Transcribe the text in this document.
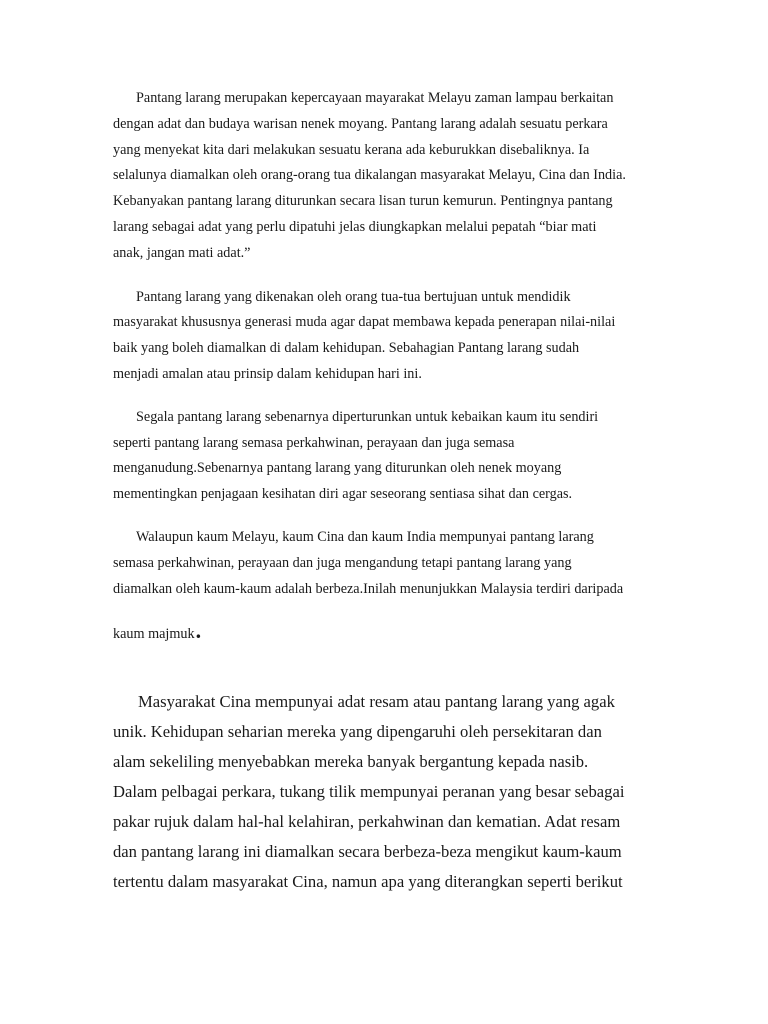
Pantang larang merupakan kepercayaan mayarakat Melayu zaman lampau berkaitan
dengan adat dan budaya warisan nenek moyang. Pantang larang adalah sesuatu perkara
yang menyekat kita dari melakukan sesuatu kerana ada keburukkan disebaliknya. Ia
selalunya diamalkan oleh orang-orang tua dikalangan masyarakat Melayu, Cina dan India.
Kebanyakan pantang larang diturunkan secara lisan turun kemurun. Pentingnya pantang
larang sebagai adat yang perlu dipatuhi jelas diungkapkan melalui pepatah “biar mati
anak, jangan mati adat.”

Pantang larang yang dikenakan oleh orang tua-tua bertujuan untuk mendidik
masyarakat khususnya generasi muda agar dapat membawa kepada penerapan nilai-nilai
baik yang boleh diamalkan di dalam kehidupan. Sebahagian Pantang larang sudah
menjadi amalan atau prinsip dalam kehidupan hari ini.

Segala pantang larang sebenarnya diperturunkan untuk kebaikan kaum itu sendiri
seperti pantang larang semasa perkahwinan, perayaan dan juga semasa
menganudung.Sebenarnya pantang larang yang diturunkan oleh nenek moyang
mementingkan penjagaan kesihatan diri agar seseorang sentiasa sihat dan cergas.

Walaupun kaum Melayu, kaum Cina dan kaum India mempunyai pantang larang
semasa perkahwinan, perayaan dan juga mengandung tetapi pantang larang yang
diamalkan oleh kaum-kaum adalah berbeza.Inilah menunjukkan Malaysia terdiri daripada
kaum majmuk.

Masyarakat Cina mempunyai adat resam atau pantang larang yang agak
unik. Kehidupan seharian mereka yang dipengaruhi oleh persekitaran dan
alam sekeliling menyebabkan mereka banyak bergantung kepada nasib.
Dalam pelbagai perkara, tukang tilik mempunyai peranan yang besar sebagai
pakar rujuk dalam hal-hal kelahiran, perkahwinan dan kematian. Adat resam
dan pantang larang ini diamalkan secara berbeza-beza mengikut kaum-kaum
tertentu dalam masyarakat Cina, namun apa yang diterangkan seperti berikut
